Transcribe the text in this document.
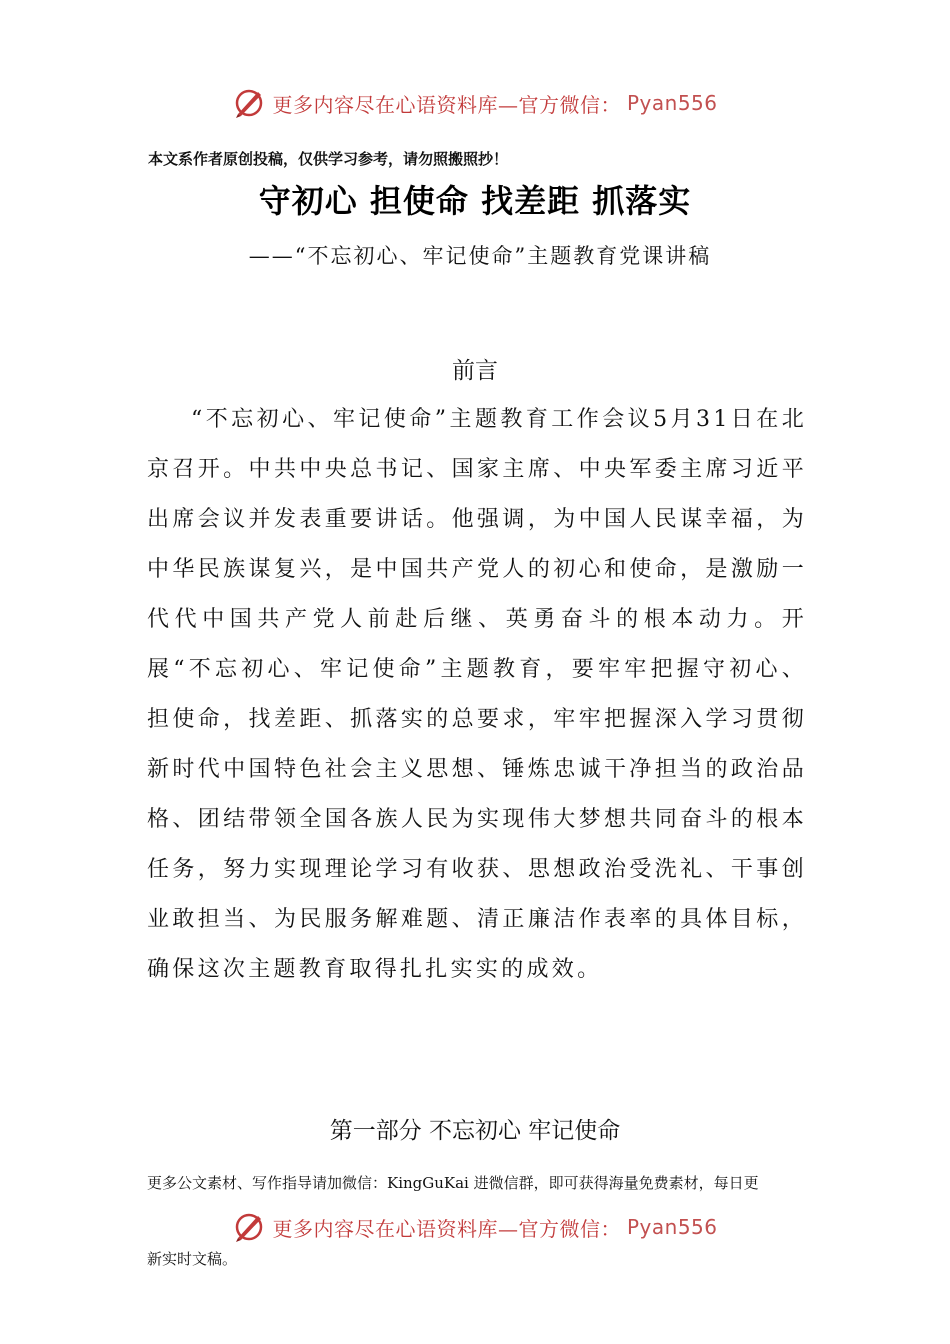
更多内容尽在心语资料库—官方微信： Pyan556
本文系作者原创投稿，仅供学习参考，请勿照搬照抄！
守初心 担使命 找差距 抓落实
——“不忘初心、牢记使命”主题教育党课讲稿
前言

“不忘初心、牢记使命”主题教育工作会议5月31日在北京召开。中共中央总书记、国家主席、中央军委主席习近平出席会议并发表重要讲话。他强调，为中国人民谋幸福，为中华民族谋复兴，是中国共产党人的初心和使命，是激励一代代中国共产党人前赴后继、英勇奋斗的根本动力。开展“不忘初心、牢记使命”主题教育，要牢牢把握守初心、担使命，找差距、抓落实的总要求，牢牢把握深入学习贯彻新时代中国特色社会主义思想、锤炼忠诚干净担当的政治品格、团结带领全国各族人民为实现伟大梦想共同奋斗的根本任务，努力实现理论学习有收获、思想政治受洗礼、干事创业敢担当、为民服务解难题、清正廉洁作表率的具体目标，确保这次主题教育取得扎扎实实的成效。

第一部分 不忘初心 牢记使命
更多公文素材、写作指导请加微信：KingGuKai 进微信群，即可获得海量免费素材，每日更
更多内容尽在心语资料库—官方微信： Pyan556
新实时文稿。
